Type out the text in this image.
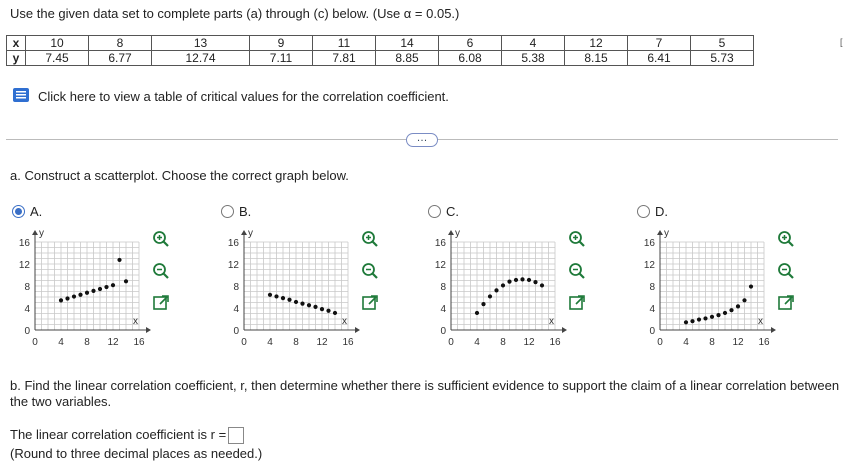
Use the given data set to complete parts (a) through (c) below. (Use α = 0.05.)
x	10	8	13	9	11	14	6	4	12	7	5
y	7.45	6.77	12.74	7.11	7.81	8.85	6.08	5.38	8.15	6.41	5.73
[
Click here to view a table of critical values for the correlation coefficient.
…
a. Construct a scatterplot. Choose the correct graph below.
A.
0 4 8 12 16
0
4
8
12
16
y
x
B.
0 4 8 12 16
0
4
8
12
16
y
x
C.
0 4 8 12 16
0
4
8
12
16
y
x
D.
0 4 8 12 16
0
4
8
12
16
y
x
b. Find the linear correlation coefficient, r, then determine whether there is sufficient evidence to support the claim of a linear correlation between the two variables.
The linear correlation coefficient is r =
(Round to three decimal places as needed.)
